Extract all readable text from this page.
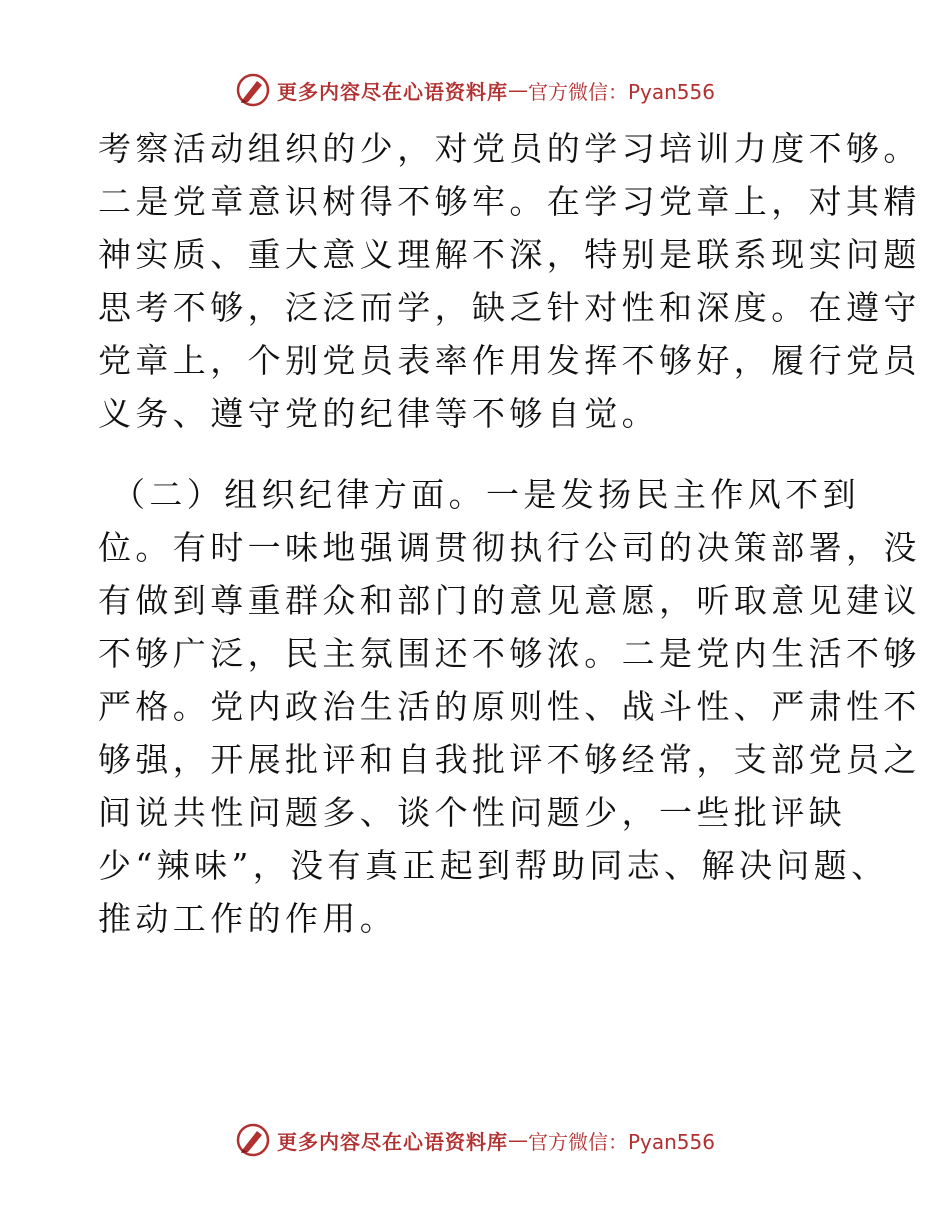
更多内容尽在心语资料库 — 官方微信：Pyan556
考察活动组织的少，对党员的学习培训力度不够。
二是党章意识树得不够牢。在学习党章上，对其精
神实质、重大意义理解不深，特别是联系现实问题
思考不够，泛泛而学，缺乏针对性和深度。在遵守
党章上，个别党员表率作用发挥不够好，履行党员
义务、遵守党的纪律等不够自觉。
（二）组织纪律方面。一是发扬民主作风不到
位。有时一味地强调贯彻执行公司的决策部署，没
有做到尊重群众和部门的意见意愿，听取意见建议
不够广泛，民主氛围还不够浓。二是党内生活不够
严格。党内政治生活的原则性、战斗性、严肃性不
够强，开展批评和自我批评不够经常，支部党员之
间说共性问题多、谈个性问题少，一些批评缺
少“辣味”，没有真正起到帮助同志、解决问题、
推动工作的作用。
更多内容尽在心语资料库 — 官方微信：Pyan556
